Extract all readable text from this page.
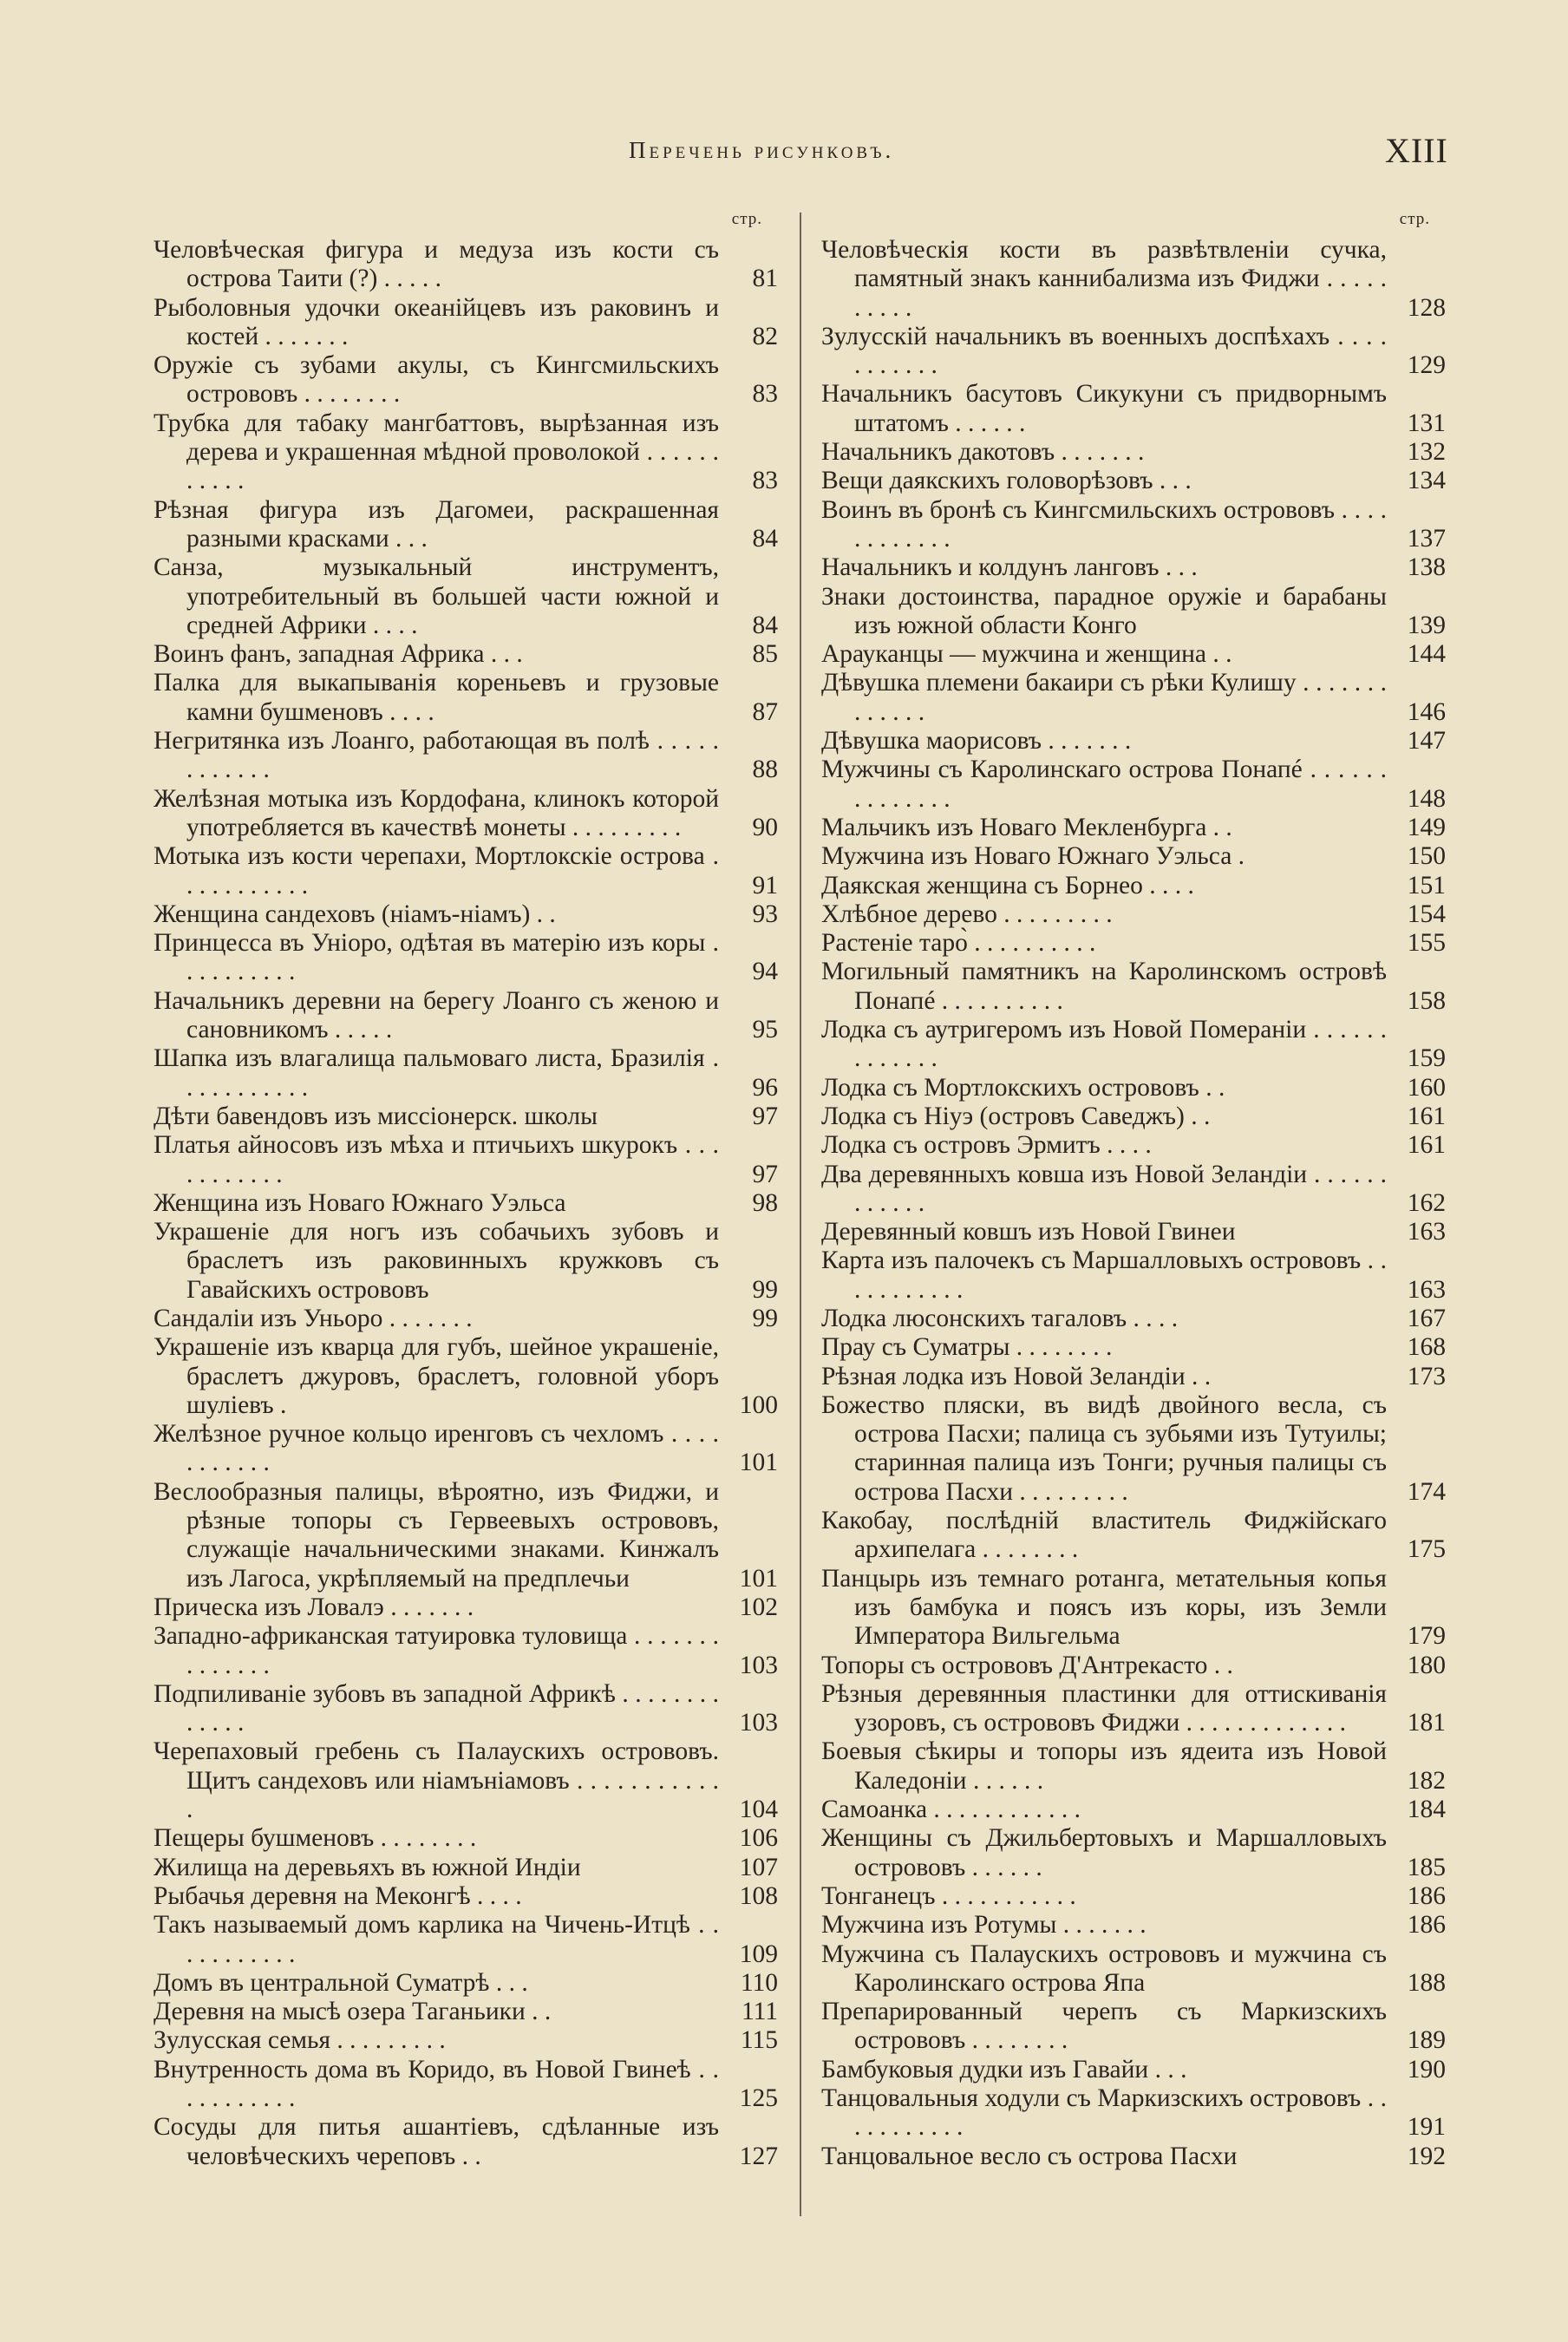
Перечень рисунковъ.	XIII
стр.
Человѣческая фигура и медуза изъ кости съ острова Таити (?) . . . . .	81
Рыболовныя удочки океанійцевъ изъ раковинъ и костей . . . . . . .	82
Оружіе съ зубами акулы, съ Кингсмильскихъ острововъ . . . . . . . .	83
Трубка для табаку мангбаттовъ, вырѣзанная изъ дерева и украшенная мѣдной проволокой . . . . . . . . . . .	83
Рѣзная фигура изъ Дагомеи, раскрашенная разными красками . . .	84
Санза, музыкальный инструментъ, употребительный въ большей части южной и средней Африки . . . .	84
Воинъ фанъ, западная Африка . . .	85
Палка для выкапыванія кореньевъ и грузовые камни бушменовъ . . . .	87
Негритянка изъ Лоанго, работающая въ полѣ . . . . . . . . . . . .	88
Желѣзная мотыка изъ Кордофана, клинокъ которой употребляется въ качествѣ монеты . . . . . . . . .	90
Мотыка изъ кости черепахи, Мортлокскіе острова . . . . . . . . . . .	91
Женщина сандеховъ (ніамъ-ніамъ) . .	93
Принцесса въ Уніоро, одѣтая въ матерію изъ коры . . . . . . . . . .	94
Начальникъ деревни на берегу Лоанго съ женою и сановникомъ . . . . .	95
Шапка изъ влагалища пальмоваго листа, Бразилія . . . . . . . . . . .	96
Дѣти бавендовъ изъ миссіонерск. школы	97
Платья айносовъ изъ мѣха и птичьихъ шкурокъ . . . . . . . . . . .	97
Женщина изъ Новаго Южнаго Уэльса	98
Украшеніе для ногъ изъ собачьихъ зубовъ и браслетъ изъ раковинныхъ кружковъ съ Гавайскихъ острововъ	99
Сандаліи изъ Уньоро . . . . . . .	99
Украшеніе изъ кварца для губъ, шейное украшеніе, браслетъ джуровъ, браслетъ, головной уборъ шуліевъ .	100
Желѣзное ручное кольцо иренговъ съ чехломъ . . . . . . . . . . .	101
Веслообразныя палицы, вѣроятно, изъ Фиджи, и рѣзные топоры съ Гервеевыхъ острововъ, служащіе начальническими знаками. Кинжалъ изъ Лагоса, укрѣпляемый на предплечьи	101
Прическа изъ Ловалэ . . . . . . .	102
Западно-африканская татуировка туловища . . . . . . . . . . . . . .	103
Подпиливаніе зубовъ въ западной Африкѣ . . . . . . . . . . . . .	103
Черепаховый гребень съ Палаускихъ острововъ. Щитъ сандеховъ или ніамъніамовъ . . . . . . . . . . . .	104
Пещеры бушменовъ . . . . . . . .	106
Жилища на деревьяхъ въ южной Индіи	107
Рыбачья деревня на Меконгѣ . . . .	108
Такъ называемый домъ карлика на Чичень-Итцѣ . . . . . . . . . . .	109
Домъ въ центральной Суматрѣ . . .	110
Деревня на мысѣ озера Таганьики . .	111
Зулусская семья . . . . . . . . .	115
Внутренность дома въ Коридо, въ Новой Гвинеѣ . . . . . . . . . . .	125
Сосуды для питья ашантіевъ, сдѣланные изъ человѣческихъ череповъ . .	127
стр.
Человѣческія кости въ развѣтвленіи сучка, памятный знакъ каннибализма изъ Фиджи . . . . . . . . . .	128
Зулусскій начальникъ въ военныхъ доспѣхахъ . . . . . . . . . . .	129
Начальникъ басутовъ Сикукуни съ придворнымъ штатомъ . . . . . .	131
Начальникъ дакотовъ . . . . . . .	132
Вещи даякскихъ головорѣзовъ . . .	134
Воинъ въ бронѣ съ Кингсмильскихъ острововъ . . . . . . . . . . . .	137
Начальникъ и колдунъ ланговъ . . .	138
Знаки достоинства, парадное оружіе и барабаны изъ южной области Конго	139
Арауканцы — мужчина и женщина . .	144
Дѣвушка племени бакаири съ рѣки Кулишу . . . . . . . . . . . . .	146
Дѣвушка маорисовъ . . . . . . .	147
Мужчины съ Каролинскаго острова Понапé . . . . . . . . . . . . . .	148
Мальчикъ изъ Новаго Мекленбурга . .	149
Мужчина изъ Новаго Южнаго Уэльса .	150
Даякская женщина съ Борнео . . . .	151
Хлѣбное дерево . . . . . . . . .	154
Растеніе таро̀ . . . . . . . . . .	155
Могильный памятникъ на Каролинскомъ островѣ Понапé . . . . . . . . . .	158
Лодка съ аутригеромъ изъ Новой Помераніи . . . . . . . . . . . . .	159
Лодка съ Мортлокскихъ острововъ . .	160
Лодка съ Ніуэ (островъ Саведжъ) . .	161
Лодка съ островъ Эрмитъ . . . .	161
Два деревянныхъ ковша изъ Новой Зеландіи . . . . . . . . . . . .	162
Деревянный ковшъ изъ Новой Гвинеи	163
Карта изъ палочекъ съ Маршалловыхъ острововъ . . . . . . . . . . .	163
Лодка люсонскихъ тагаловъ . . . .	167
Прау съ Суматры . . . . . . . .	168
Рѣзная лодка изъ Новой Зеландіи . .	173
Божество пляски, въ видѣ двойного весла, съ острова Пасхи; палица съ зубьями изъ Тутуилы; старинная палица изъ Тонги; ручныя палицы съ острова Пасхи . . . . . . . . .	174
Какобау, послѣдній властитель Фиджійскаго архипелага . . . . . . . .	175
Панцырь изъ темнаго ротанга, метательныя копья изъ бамбука и поясъ изъ коры, изъ Земли Императора Вильгельма	179
Топоры съ острововъ Д'Антрекасто . .	180
Рѣзныя деревянныя пластинки для оттискиванія узоровъ, съ острововъ Фиджи . . . . . . . . . . . . .	181
Боевыя сѣкиры и топоры изъ ядеита изъ Новой Каледоніи . . . . . .	182
Самоанка . . . . . . . . . . . .	184
Женщины съ Джильбертовыхъ и Маршалловыхъ острововъ . . . . . .	185
Тонганецъ . . . . . . . . . . .	186
Мужчина изъ Ротумы . . . . . . .	186
Мужчина съ Палаускихъ острововъ и мужчина съ Каролинскаго острова Япа	188
Препарированный черепъ съ Маркизскихъ острововъ . . . . . . . .	189
Бамбуковыя дудки изъ Гавайи . . .	190
Танцовальныя ходули съ Маркизскихъ острововъ . . . . . . . . . . .	191
Танцовальное весло съ острова Пасхи	192
